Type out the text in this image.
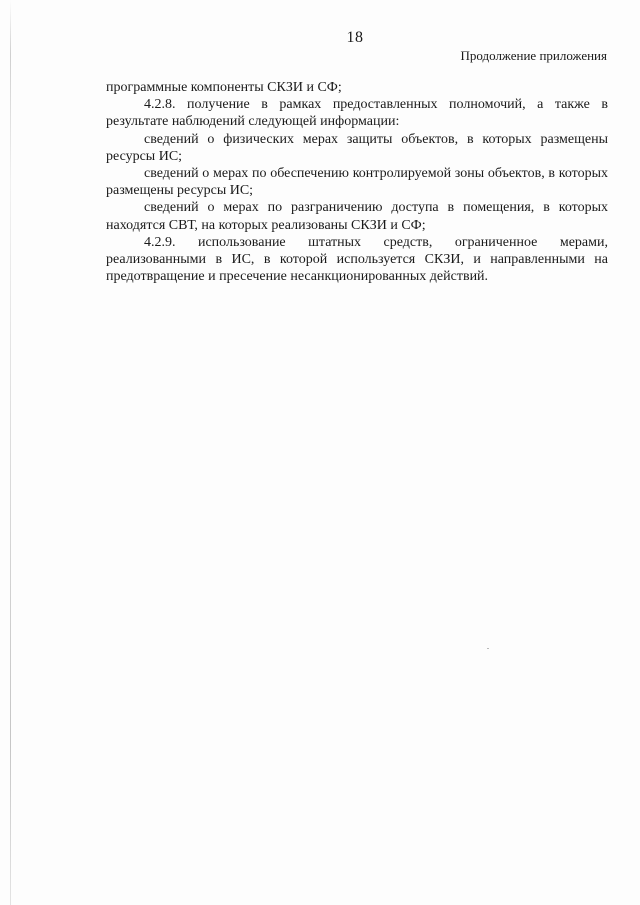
18
Продолжение приложения

программные компоненты СКЗИ и СФ;

4.2.8. получение в рамках предоставленных полномочий, а также в результате наблюдений следующей информации:

сведений о физических мерах защиты объектов, в которых размещены ресурсы ИС;

сведений о мерах по обеспечению контролируемой зоны объектов, в которых размещены ресурсы ИС;

сведений о мерах по разграничению доступа в помещения, в которых находятся СВТ, на которых реализованы СКЗИ и СФ;

4.2.9. использование штатных средств, ограниченное мерами, реализованными в ИС, в которой используется СКЗИ, и направленными на предотвращение и пресечение несанкционированных действий.
